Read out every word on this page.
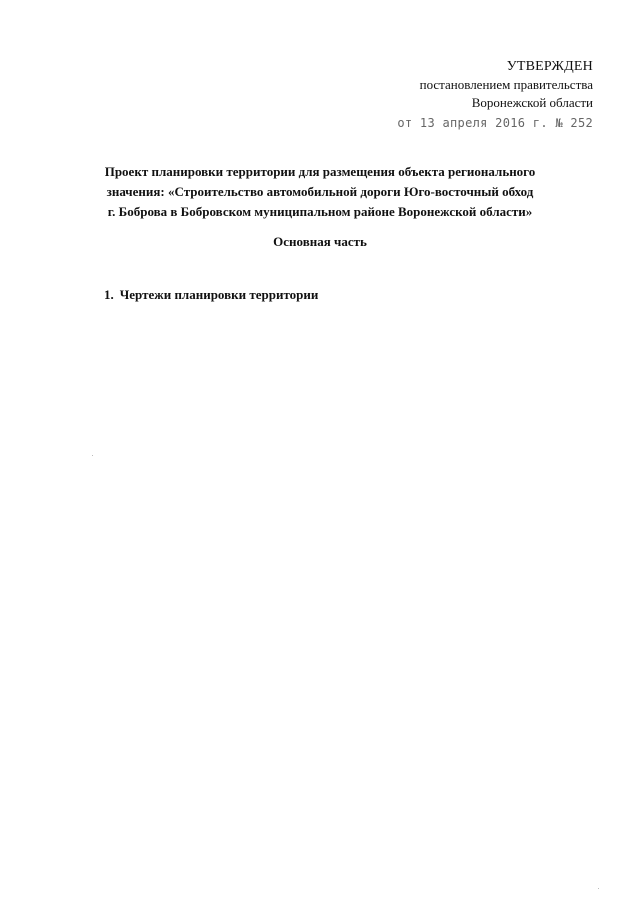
УТВЕРЖДЕН
постановлением правительства
Воронежской области
от 13 апреля 2016 г. № 252
Проект планировки территории для размещения объекта регионального
значения: «Строительство автомобильной дороги Юго-восточный обход
г. Боброва в Бобровском муниципальном районе Воронежской области»
Основная часть
1. Чертежи планировки территории
